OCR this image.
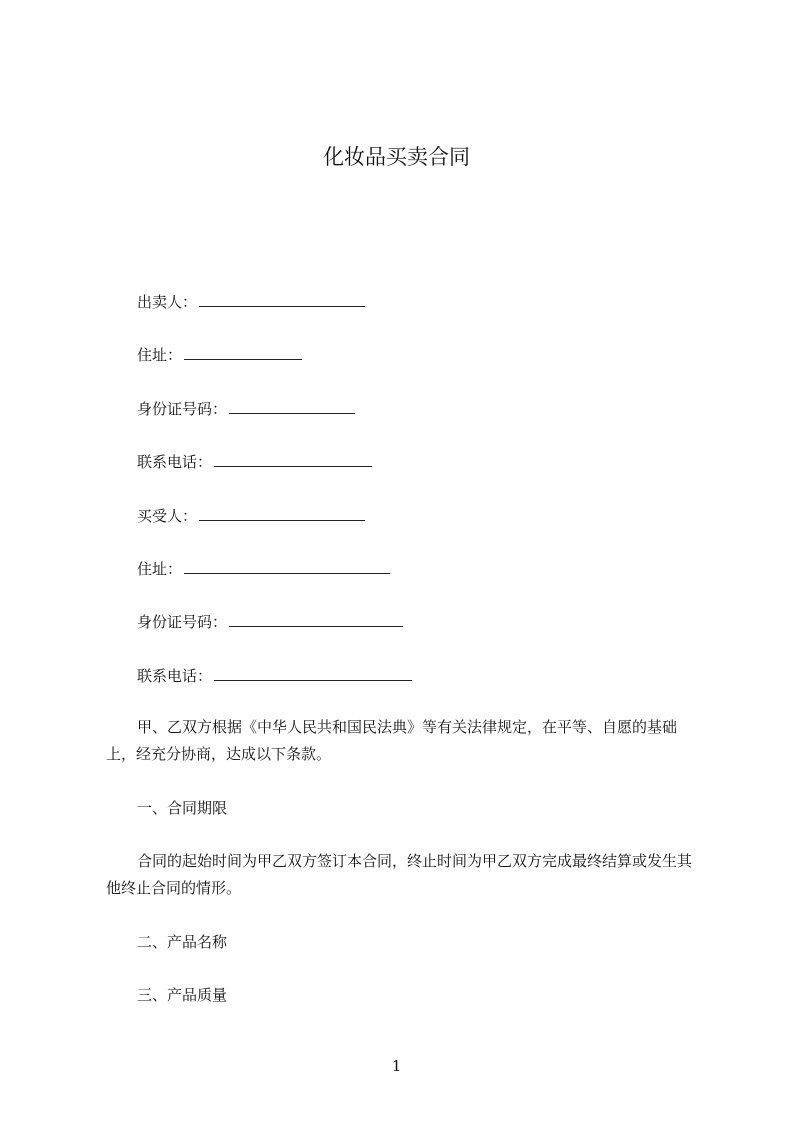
化妆品买卖合同
出卖人：
住址：
身份证号码：
联系电话：
买受人：
住址：
身份证号码：
联系电话：

甲、乙双方根据《中华人民共和国民法典》等有关法律规定，在平等、自愿的基础上，经充分协商，达成以下条款。

一、合同期限

合同的起始时间为甲乙双方签订本合同，终止时间为甲乙双方完成最终结算或发生其他终止合同的情形。

二、产品名称

三、产品质量

1
